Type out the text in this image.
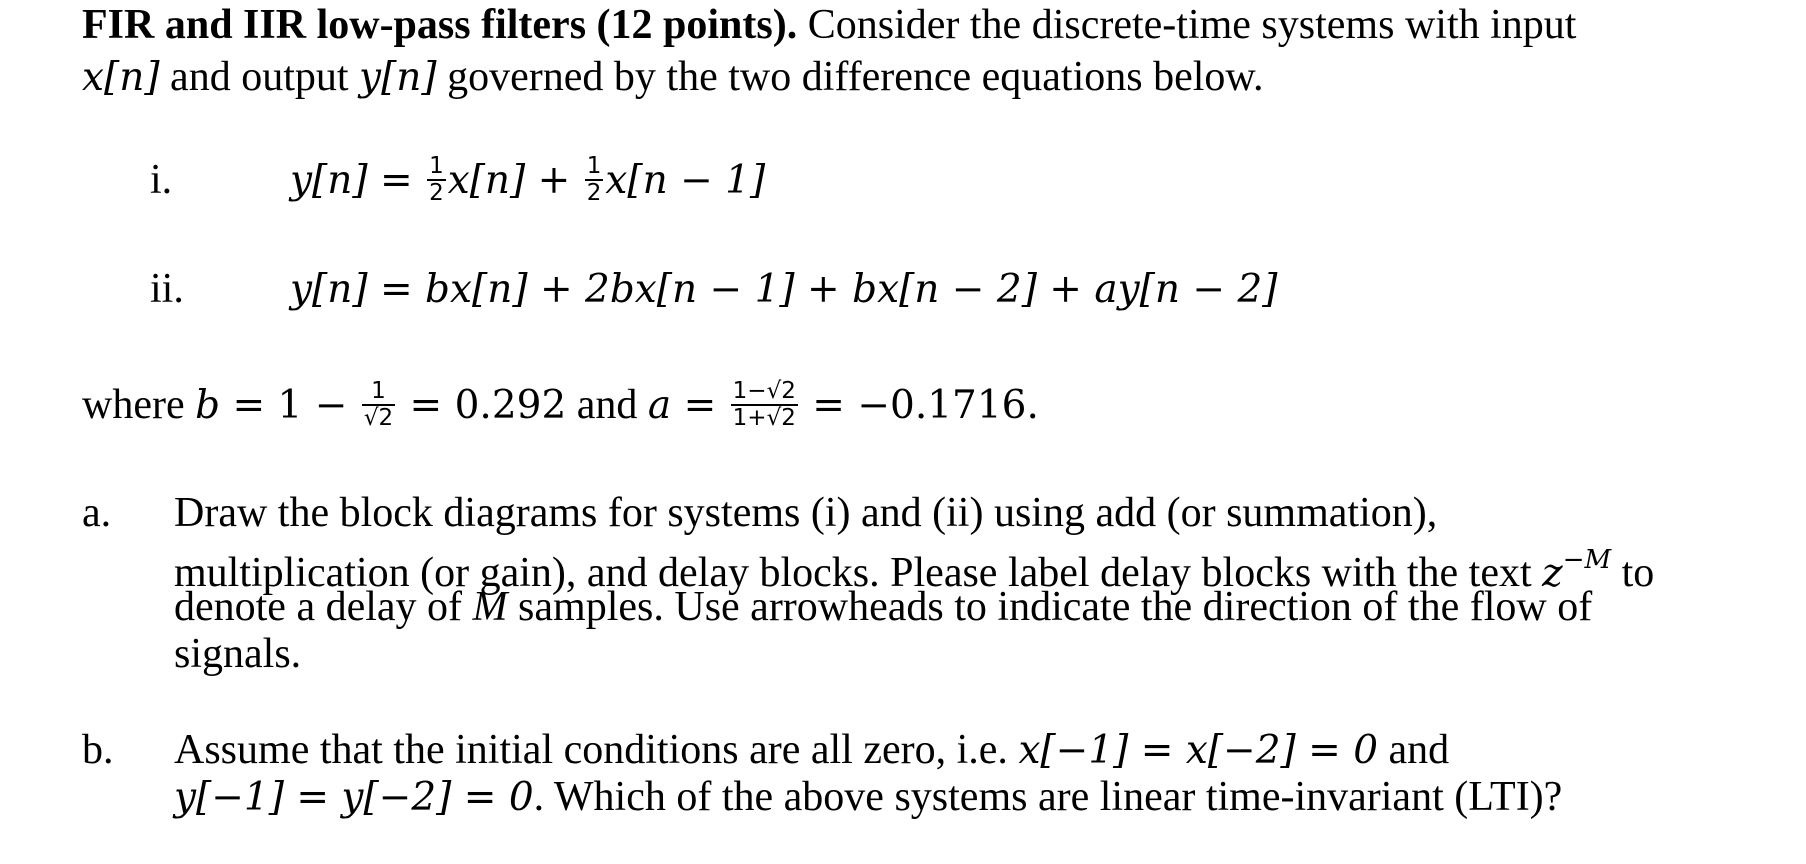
FIR and IIR low-pass filters (12 points). Consider the discrete-time systems with input
x[n] and output y[n] governed by the two difference equations below.
i.	$y[n] = \frac{1}{2} x[n] + \frac{1}{2} x[n - 1]$
ii.	y[n] = bx[n] + 2bx[n − 1] + bx[n − 2] + ay[n − 2]
where $b = 1 - \frac{1}{√2} = 0.292$ and $a = \frac{1-√2}{1+√2} = -0.1716$.
a. Draw the block diagrams for systems (i) and (ii) using add (or summation),
multiplication (or gain), and delay blocks. Please label delay blocks with the text $z^{-M}$ to
denote a delay of M samples. Use arrowheads to indicate the direction of the flow of
signals.
b. Assume that the initial conditions are all zero, i.e. x[−1] = x[−2] = 0 and
y[−1] = y[−2] = 0. Which of the above systems are linear time-invariant (LTI)?
